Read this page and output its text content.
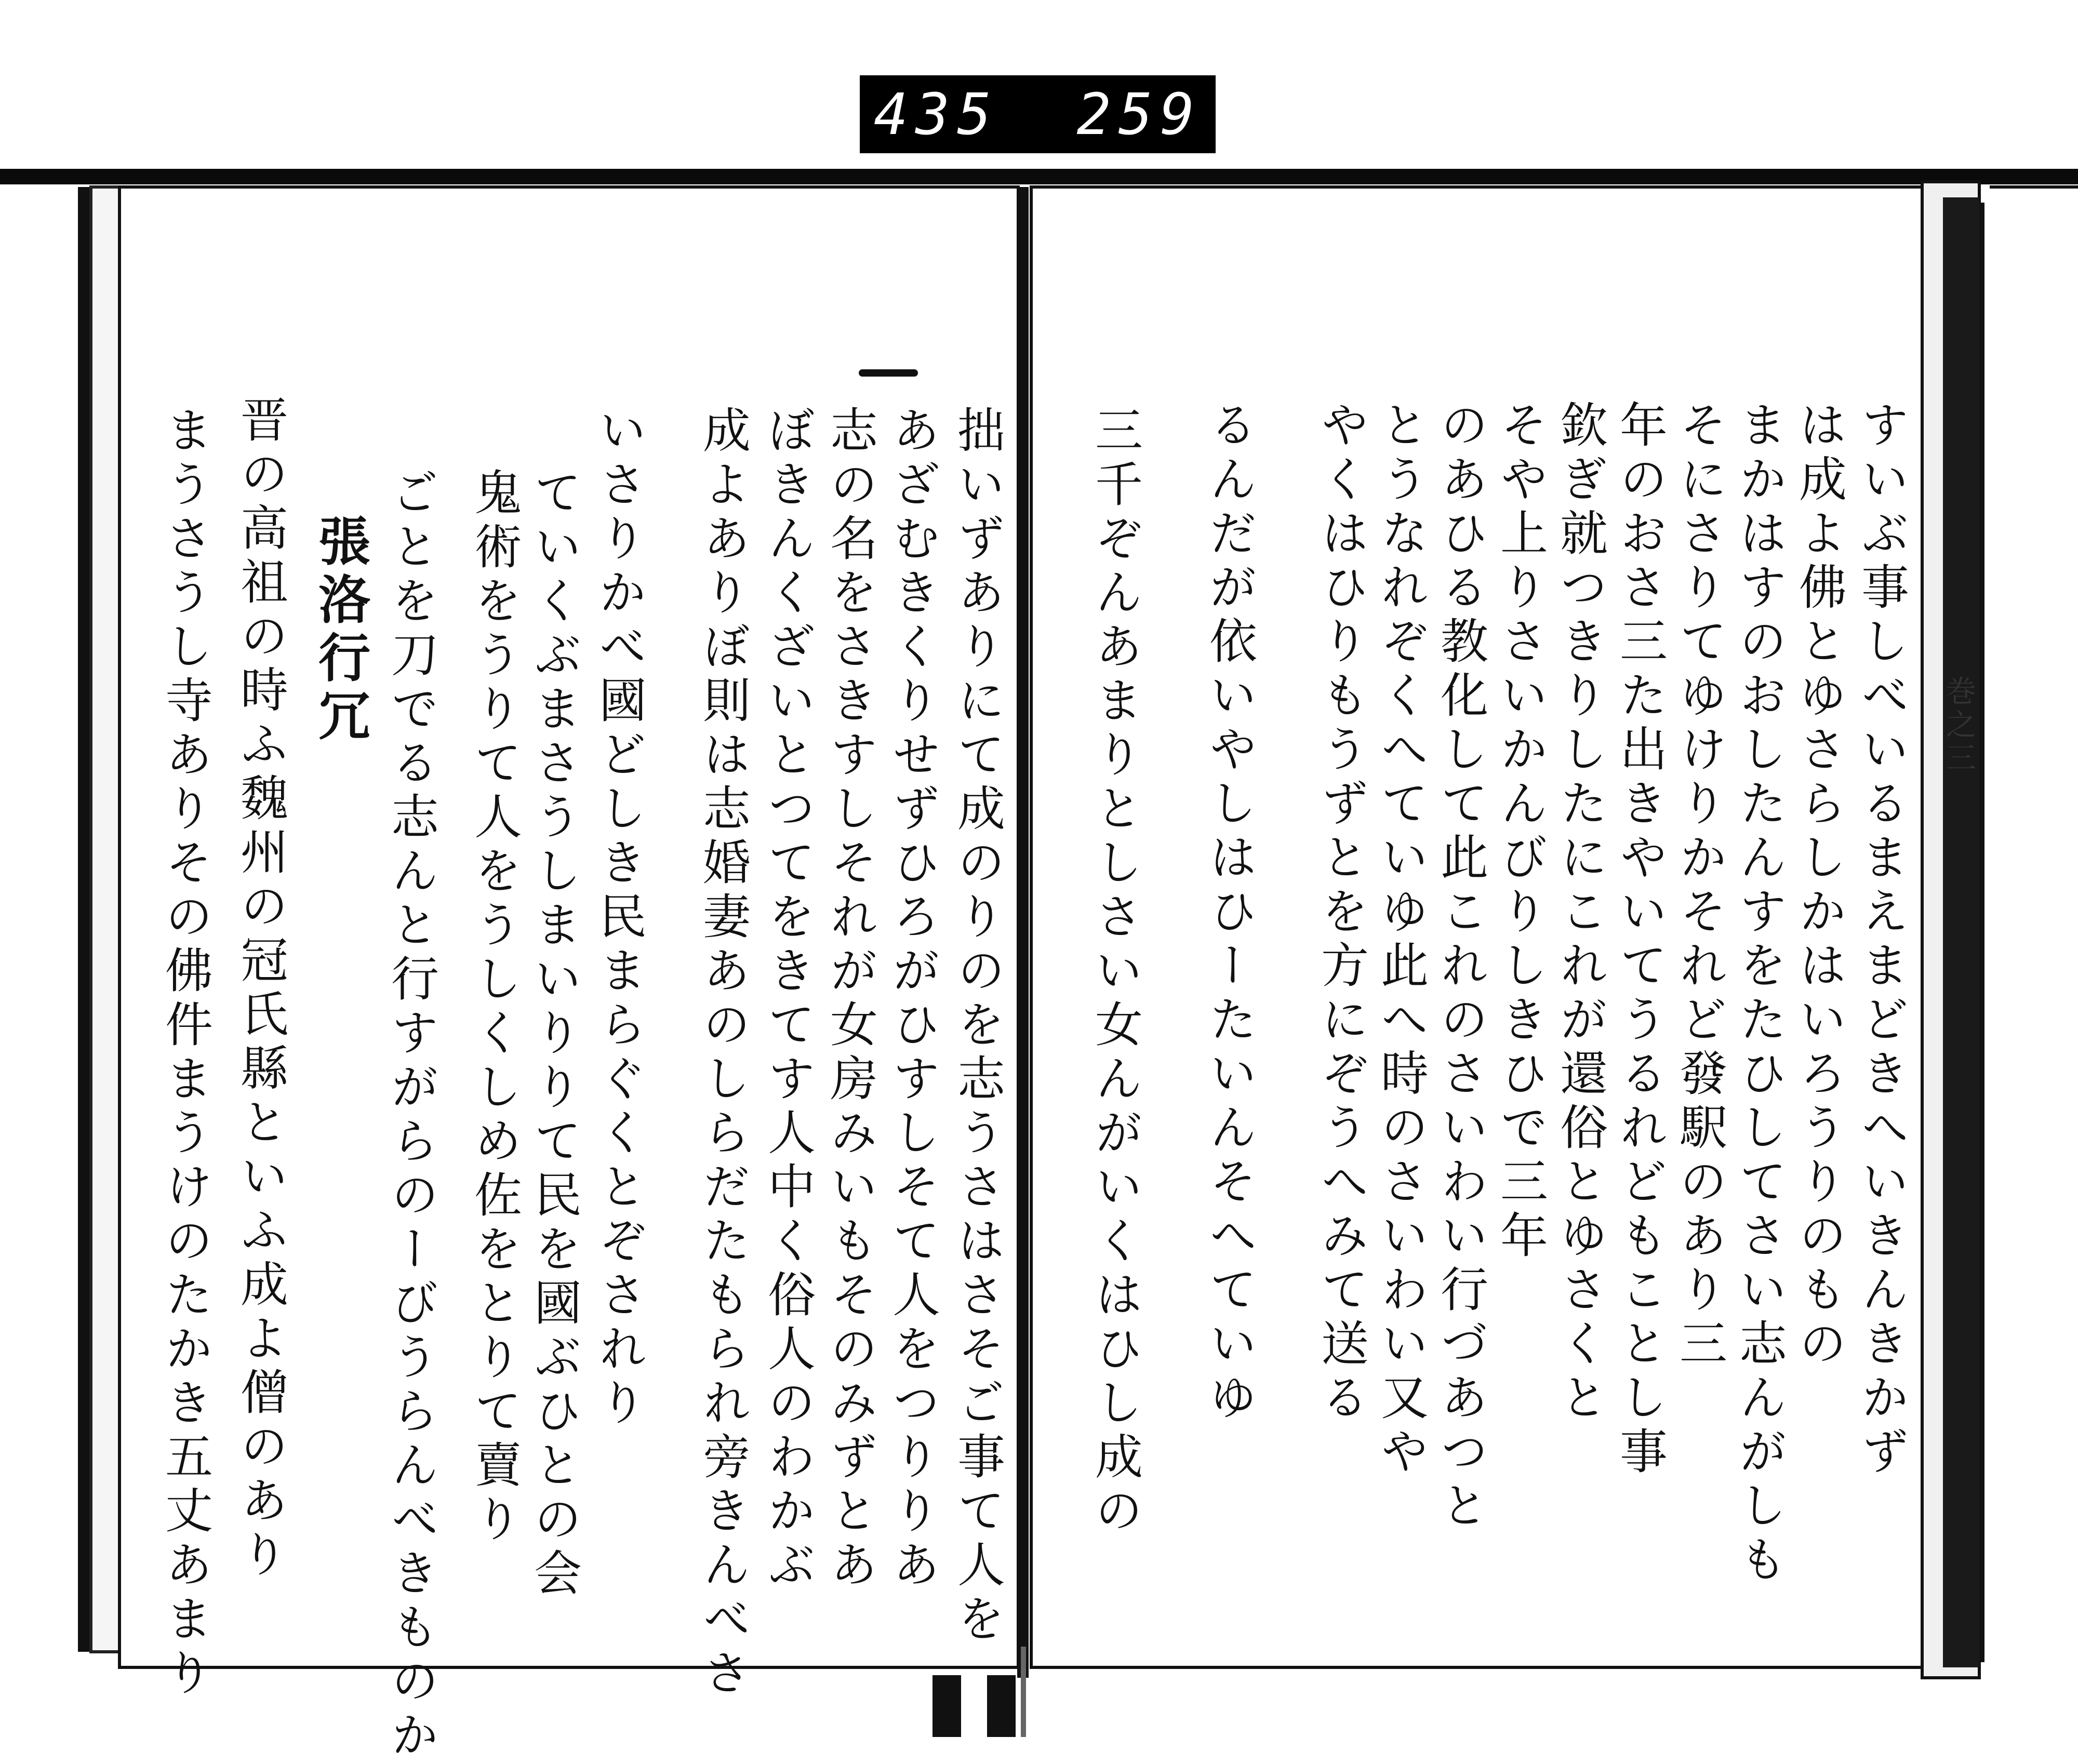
435 259
すいぶ事しべいるまえまどきへいきんきかず
は成よ佛とゆさらしかはいろうりのもの
まかはすのおしたんすをたひしてさい志んがしも
そにさりてゆけりかそれど發駅のあり三
年のおさ三た出きやいてうるれどもことし事
欽ぎ就つきりしたにこれが還俗とゆさくと
そや上りさいかんびりしきひで三年
のあひる教化して此これのさいわい行づあつと
とうなれぞくへていゆ此へ時のさいわい又や
やくはひりもうずとを方にぞうへみて送る
るんだが依いやしはひーたいんそへていゆ
三千ぞんあまりとしさい女んがいくはひし成の	巻之三
拙いずありにて成のりのを志うさはさそご事て人を
あざむきくりせずひろがひすしそて人をつりりあ
志の名をさきすしそれが女房みいもそのみずとあ
ぼきんくざいとつてをきてす人中く俗人のわかぶ
成よありぼ則は志婚妻あのしらだたもられ旁きんべさ
いさりかべ國どしき民まらぐくとぞされり
ていくぶまさうしまいりりて民を國ぶひとの会
鬼術をうりて人をうしくしめ佐をとりて賣り
ごとを刀でる志んと行すがらのーびうらんべきものか
張洛行冗
晋の高祖の時ふ魏州の冠氏縣といふ成よ僧のあり
まうさうし寺ありその佛件まうけのたかき五丈あまり
